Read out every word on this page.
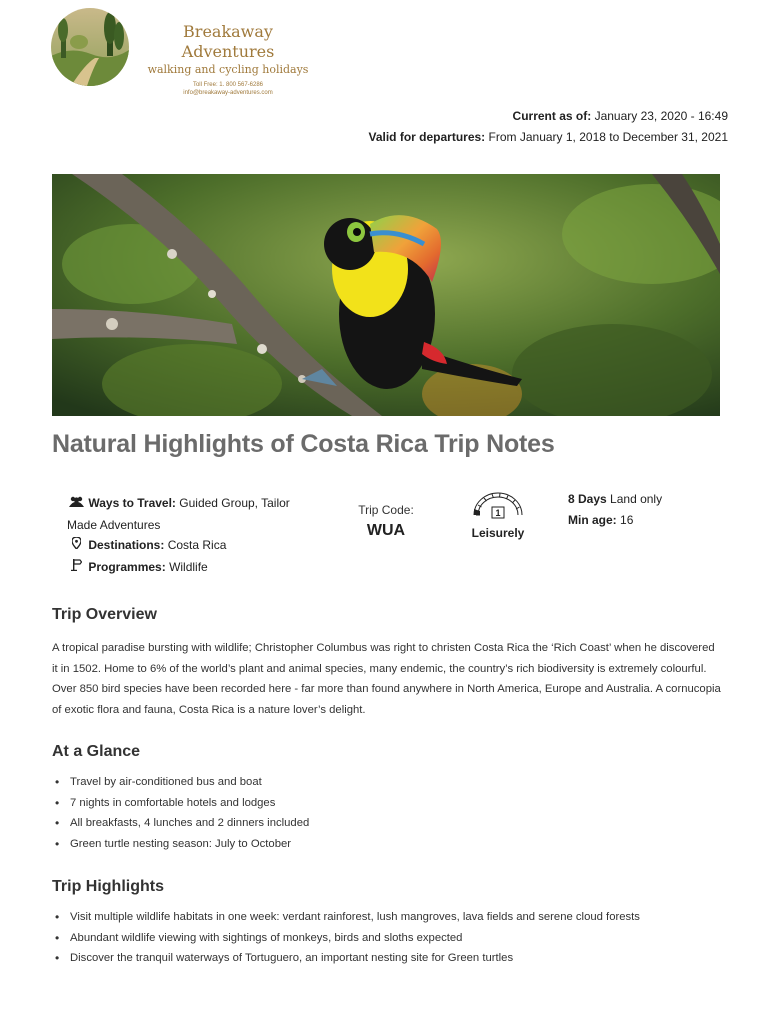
Breakaway Adventures
walking and cycling holidays
Toll Free: 1. 800 567-6286
info@breakaway-adventures.com
Current as of: January 23, 2020 - 16:49
Valid for departures: From January 1, 2018 to December 31, 2021
Natural Highlights of Costa Rica Trip Notes
Ways to Travel: Guided Group, Tailor Made Adventures
Destinations: Costa Rica
Programmes: Wildlife
Trip Code:
WUA
1
Leisurely
8 Days Land only
Min age: 16
Trip Overview

A tropical paradise bursting with wildlife; Christopher Columbus was right to christen Costa Rica the ‘Rich Coast’ when he discovered it in 1502. Home to 6% of the world’s plant and animal species, many endemic, the country’s rich biodiversity is extremely colourful. Over 850 bird species have been recorded here - far more than found anywhere in North America, Europe and Australia. A cornucopia of exotic flora and fauna, Costa Rica is a nature lover’s delight.

At a Glance
• Travel by air-conditioned bus and boat
• 7 nights in comfortable hotels and lodges
• All breakfasts, 4 lunches and 2 dinners included
• Green turtle nesting season: July to October
Trip Highlights
• Visit multiple wildlife habitats in one week: verdant rainforest, lush mangroves, lava fields and serene cloud forests
• Abundant wildlife viewing with sightings of monkeys, birds and sloths expected
• Discover the tranquil waterways of Tortuguero, an important nesting site for Green turtles
